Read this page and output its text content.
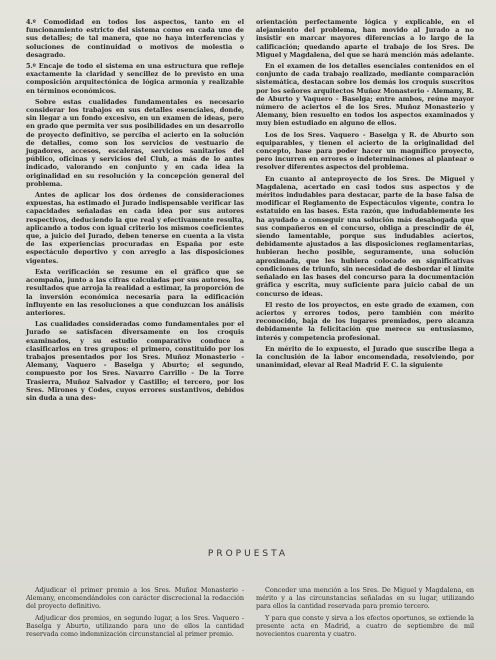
4.º Comodidad en todos los aspectos, tanto en el funcionamiento estricto del sistema como en cada uno de sus detalles; de tal manera, que no haya interferencias y soluciones de continuidad o motivos de molestia o desagrado.

5.º Encaje de todo el sistema en una estructura que refleje exactamente la claridad y sencillez de lo previsto en una composición arquitectónica de lógica armonía y realizable en términos económicos.

Sobre estas cualidades fundamentales es necesario considerar los trabajos en sus detalles esenciales, donde, sin llegar a un fondo excesivo, en un examen de ideas, pero en grado que permita ver sus posibilidades en un desarrollo de proyecto definitivo, se perciba el acierto en la solución de detalles, como son los servicios de vestuario de jugadores, accesos, escaleras, servicios sanitarios del público, oficinas y servicios del Club, a más de lo antes indicado, valorando en conjunto y en cada idea la originalidad en su resolución y la concepción general del problema.

Antes de aplicar los dos órdenes de consideraciones expuestas, ha estimado el Jurado indispensable verificar las capacidades señaladas en cada idea por sus autores respectivos, deduciendo la que real y efectivamente resulta, aplicando a todos con igual criterio los mismos coeficientes que, a juicio del Jurado, deben tenerse en cuenta a la vista de las experiencias procuradas en España por este espectáculo deportivo y con arreglo a las disposiciones vigentes.

Esta verificación se resume en el gráfico que se acompaña, junto a las cifras calculadas por sus autores, los resultados que arroja la realidad a estimar, la proporción de la inversión económica necesaria para la edificación influyente en las resoluciones a que conduzcan los análisis anteriores.

Las cualidades consideradas como fundamentales por el Jurado se satisfacen diversamente en los croquis examinados, y su estudio comparativo conduce a clasificarlos en tres grupos: el primero, constituido por los trabajos presentados por los Sres. Muñoz Monasterio - Alemany, Vaquero - Baselga y Aburto; el segundo, compuesto por los Sres. Navarro Carrillo - De la Torre Trasierra, Muñoz Salvador y Castillo; el tercero, por los Sres. Mirones y Codes, cuyos errores sustantivos, debidos sin duda a una des-

orientación perfectamente lógica y explicable, en el alejamiento del problema, han movido al Jurado a no insistir en marcar mayores diferencias a lo largo de la calificación; quedando aparte el trabajo de los Sres. De Miguel y Magdalena, del que se hará mención más adelante.

En el examen de los detalles esenciales contenidos en el conjunto de cada trabajo realizado, mediante comparación sistemática, destacan sobre los demás los croquis suscritos por los señores arquitectos Muñoz Monasterio - Alemany, R. de Aburto y Vaquero - Baselga; entre ambos, reúne mayor número de aciertos el de los Sres. Muñoz Monasterio y Alemany, bien resuelto en todos los aspectos examinados y muy bien estudiado en alguno de ellos.

Los de los Sres. Vaquero - Baselga y R. de Aburto son equiparables, y tienen el acierto de la originalidad del concepto, base para poder hacer un magnífico proyecto, pero incurren en errores o indeterminaciones al plantear o resolver diferentes aspectos del problema.

En cuanto al anteproyecto de los Sres. De Miguel y Magdalena, acertado en casi todos sus aspectos y de méritos indudables para destacar, parte de la base falsa de modificar el Reglamento de Espectáculos vigente, contra lo estatuido en las bases. Esta razón, que indudablemente les ha ayudado a conseguir una solución más desahogada que sus compañeros en el concurso, obliga a prescindir de él, siendo lamentable, porque sus indudables aciertos, debidamente ajustados a las disposiciones reglamentarias, hubieran hecho posible, seguramente, una solución aproximada, que les hubiera colocado en significativas condiciones de triunfo, sin necesidad de desbordar el límite señalado en las bases del concurso para la documentación gráfica y escrita, muy suficiente para juicio cabal de un concurso de ideas.

El resto de los proyectos, en este grado de examen, con aciertos y errores todos, pero también con mérito reconocido, baja de los lugares premiados, pero alcanza debidamente la felicitación que merece su entusiasmo, interés y competencia profesional.

En mérito de lo expuesto, el Jurado que suscribe llega a la conclusión de la labor encomendada, resolviendo, por unanimidad, elevar al Real Madrid F. C. la siguiente

PROPUESTA

Adjudicar el primer premio a los Sres. Muñoz Monasterio - Alemany, encomendándoles con carácter discrecional la redacción del proyecto definitivo.

Adjudicar dos premios, en segundo lugar, a los Sres. Vaquero - Baselga y Aburto, utilizando para uno de ellos la cantidad reservada como indemnización circunstancial al primer premio.

Conceder una mención a los Sres. De Miguel y Magdalena, en mérito y a las circunstancias señaladas en su lugar, utilizando para ellos la cantidad reservada para premio tercero.

Y para que conste y sirva a los efectos oportunos, se extiende la presente acta en Madrid, a cuatro de septiembre de mil novecientos cuarenta y cuatro.
